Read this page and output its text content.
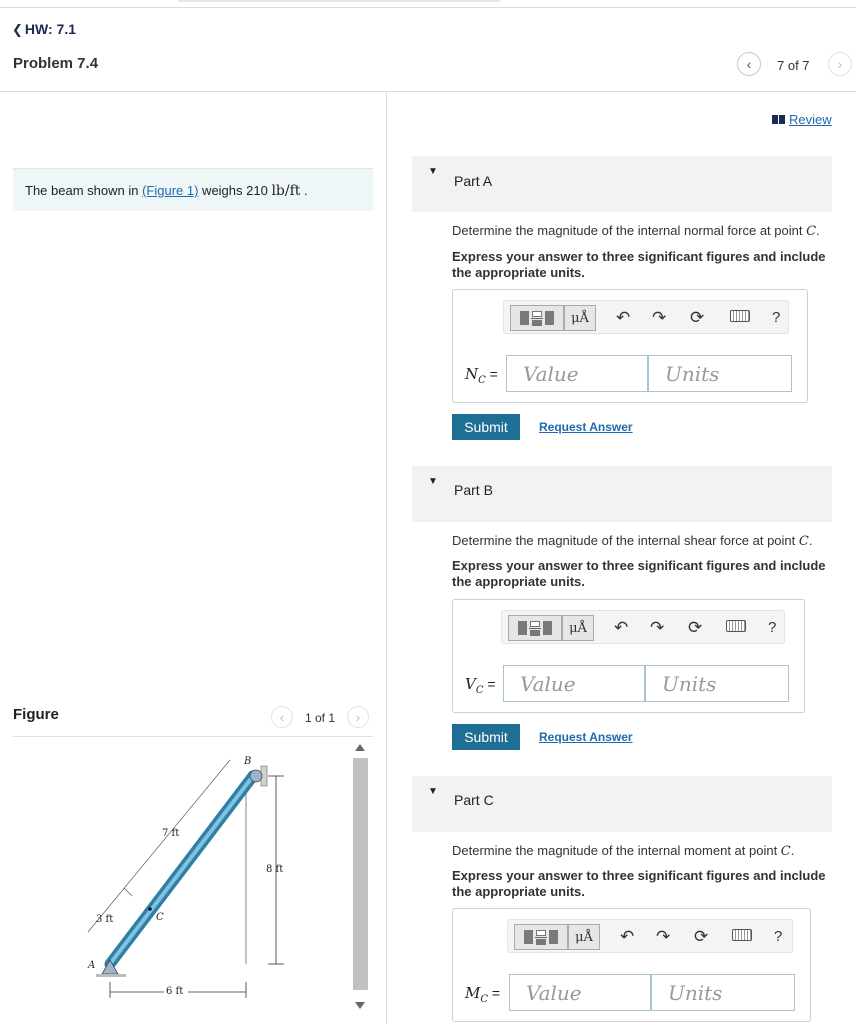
❮ HW: 7.1
Problem 7.4	‹ 7 of 7 ›
The beam shown in (Figure 1) weighs 210 lb/ft .
Figure	‹ 1 of 1 ›
8 ft
B
7 ft
3 ft	C
A
6 ft
Review
▼
Part A
Determine the magnitude of the internal normal force at point C.
Express your answer to three significant figures and include the appropriate units.
μÅ	↶ ↷ ⟳	?
$N_C$ =
Value
Units
Submit	Request Answer
▼
Part B
Determine the magnitude of the internal shear force at point C.
Express your answer to three significant figures and include the appropriate units.
μÅ	↶ ↷ ⟳	?
$V_C$ =
Value
Units
Submit	Request Answer
▼
Part C
Determine the magnitude of the internal moment at point C.
Express your answer to three significant figures and include the appropriate units.
μÅ	↶ ↷ ⟳	?
$M_C$ =
Value
Units
